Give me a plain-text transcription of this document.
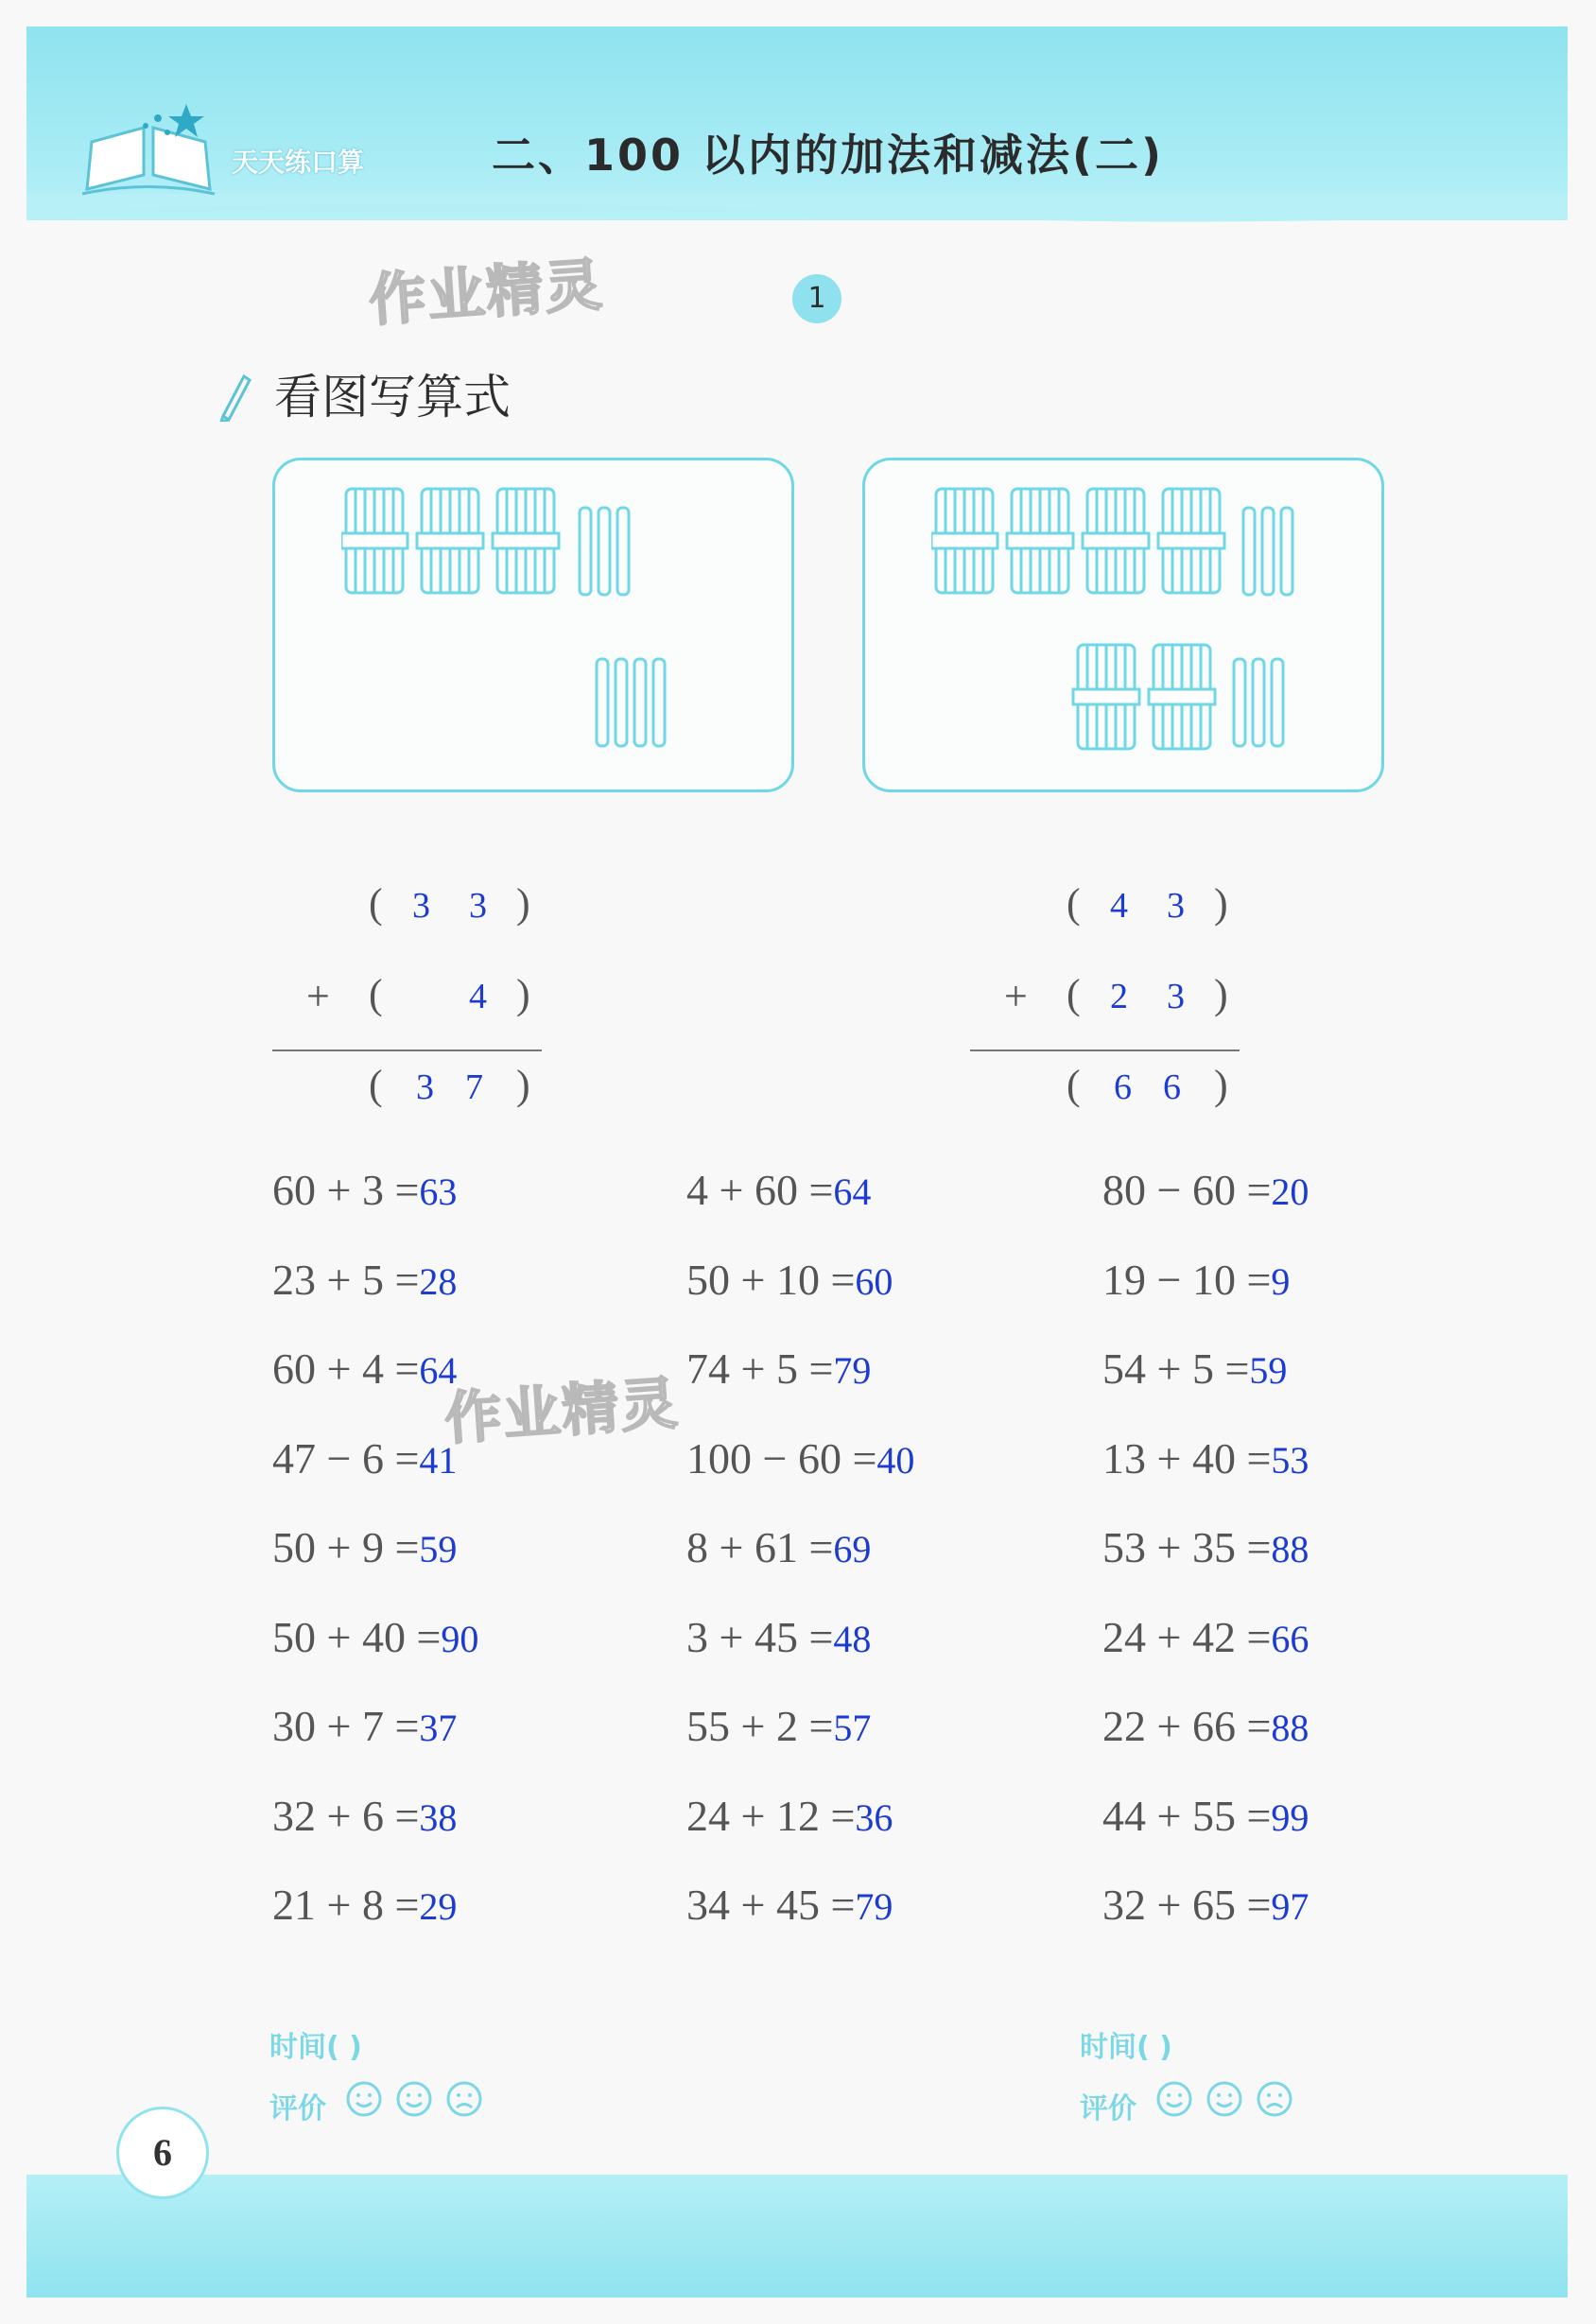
天天练口算	二、100 以内的加法和减法(二)
作业精灵
作业精灵
1
看图写算式
( 3 3 )
+ ( 4 )
( 3 7 )
( 4 3 )
+ ( 2 3 )
( 6 6 )
60 + 3 =63
23 + 5 =28
60 + 4 =64
47 − 6 =41
50 + 9 =59
50 + 40 =90
30 + 7 =37
32 + 6 =38
21 + 8 =29
4 + 60 =64
50 + 10 =60
74 + 5 =79
100 − 60 =40
8 + 61 =69
3 + 45 =48
55 + 2 =57
24 + 12 =36
34 + 45 =79
80 − 60 =20
19 − 10 =9
54 + 5 =59
13 + 40 =53
53 + 35 =88
24 + 42 =66
22 + 66 =88
44 + 55 =99
32 + 65 =97
时间( )
评价
时间( )
评价
6
